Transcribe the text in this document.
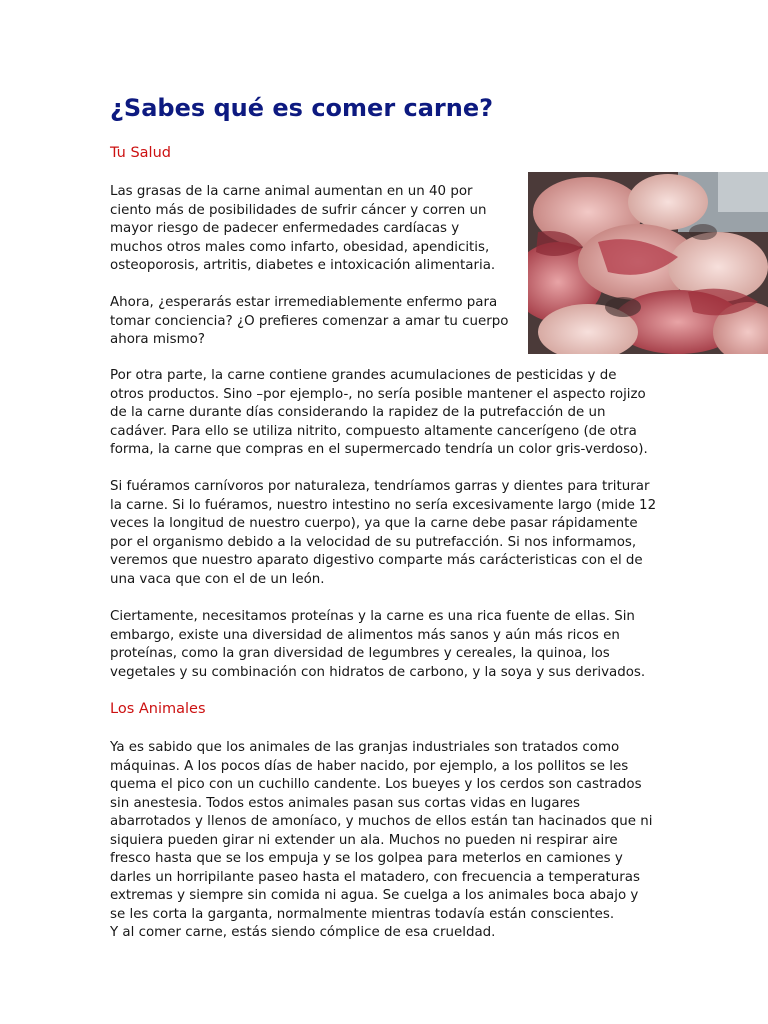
¿Sabes qué es comer carne?
Tu Salud

Las grasas de la carne animal aumentan en un 40 por ciento más de posibilidades de sufrir cáncer y corren un mayor riesgo de padecer enfermedades cardíacas y muchos otros males como infarto, obesidad, apendicitis, osteoporosis, artritis, diabetes e intoxicación alimentaria.

Ahora, ¿esperarás estar irremediablemente enfermo para tomar conciencia? ¿O prefieres comenzar a amar tu cuerpo ahora mismo?

Por otra parte, la carne contiene grandes acumulaciones de pesticidas y de otros productos. Sino –por ejemplo-, no sería posible mantener el aspecto rojizo de la carne durante días considerando la rapidez de la putrefacción de un cadáver. Para ello se utiliza nitrito, compuesto altamente cancerígeno (de otra forma, la carne que compras en el supermercado tendría un color gris-verdoso).

Si fuéramos carnívoros por naturaleza, tendríamos garras y dientes para triturar la carne. Si lo fuéramos, nuestro intestino no sería excesivamente largo (mide 12 veces la longitud de nuestro cuerpo), ya que la carne debe pasar rápidamente por el organismo debido a la velocidad de su putrefacción. Si nos informamos, veremos que nuestro aparato digestivo comparte más carácteristicas con el de una vaca que con el de un león.

Ciertamente, necesitamos proteínas y la carne es una rica fuente de ellas. Sin embargo, existe una diversidad de alimentos más sanos y aún más ricos en proteínas, como la gran diversidad de legumbres y cereales, la quinoa, los vegetales y su combinación con hidratos de carbono, y la soya y sus derivados.

Los Animales

Ya es sabido que los animales de las granjas industriales son tratados como máquinas. A los pocos días de haber nacido, por ejemplo, a los pollitos se les quema el pico con un cuchillo candente. Los bueyes y los cerdos son castrados sin anestesia. Todos estos animales pasan sus cortas vidas en lugares abarrotados y llenos de amoníaco, y muchos de ellos están tan hacinados que ni siquiera pueden girar ni extender un ala. Muchos no pueden ni respirar aire fresco hasta que se los empuja y se los golpea para meterlos en camiones y darles un horripilante paseo hasta el matadero, con frecuencia a temperaturas extremas y siempre sin comida ni agua. Se cuelga a los animales boca abajo y se les corta la garganta, normalmente mientras todavía están conscientes.

Y al comer carne, estás siendo cómplice de esa crueldad.
